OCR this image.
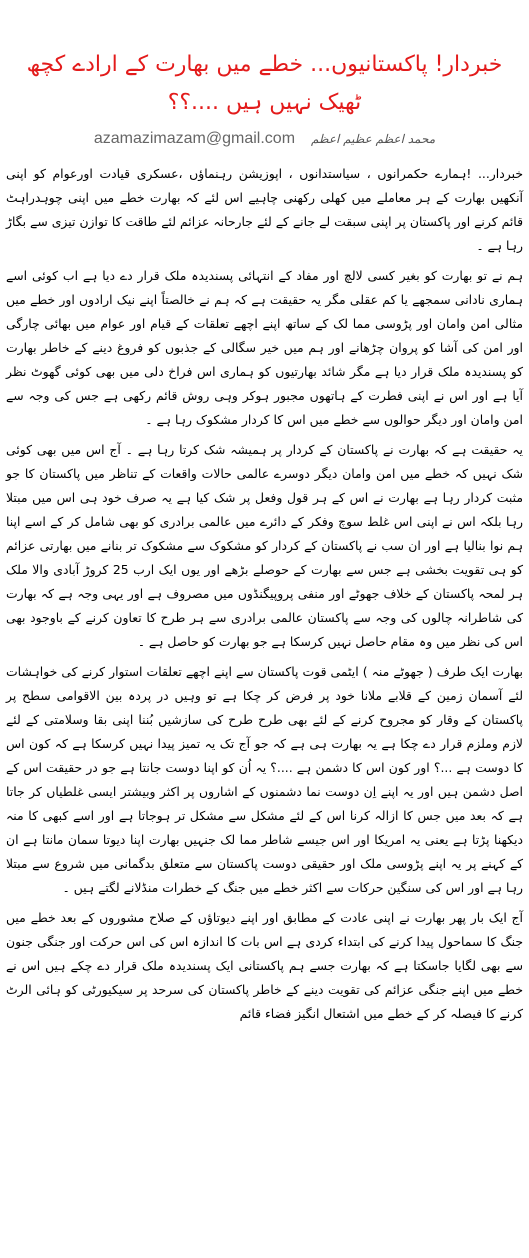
خبردار! پاکستانیوں... خطے میں بھارت کے ارادے کچھ ٹھیک نہیں ہیں ....؟؟
azamazimazam@gmail.com محمد اعظم عظیم اعظم

خبردار... !ہمارے حکمرانوں ، سیاستدانوں ، اپوزیشن رہنماؤں ،عسکری قیادت اورعوام کو اپنی آنکھیں بھارت کے ہر معاملے میں کھلی رکھنی چاہیے اس لئے کہ بھارت خطے میں اپنی چوہدراہٹ قائم کرنے اور پاکستان پر اپنی سبقت لے جانے کے لئے جارحانہ عزائم لئے طاقت کا توازن تیزی سے بگاڑ رہا ہے ۔

ہم نے تو بھارت کو بغیر کسی لالچ اور مفاد کے انتہائی پسندیدہ ملک قرار دے دیا ہے اب کوئی اسے ہماری نادانی سمجھے یا کم عقلی مگر یہ حقیقت ہے کہ ہم نے خالصتاً اپنے نیک ارادوں اور خطے میں مثالی امن وامان اور پڑوسی مما لک کے ساتھ اپنے اچھے تعلقات کے قیام اور عوام میں بھائی چارگی اور امن کی آشا کو پروان چڑھانے اور ہم میں خیر سگالی کے جذبوں کو فروغ دینے کے خاطر بھارت کو پسندیدہ ملک قرار دیا ہے مگر شائد بھارتیوں کو ہماری اس فراخ دلی میں بھی کوئی گھوٹ نظر آیا ہے اور اس نے اپنی فطرت کے ہاتھوں مجبور ہوکر وہی روش قائم رکھی ہے جس کی وجہ سے امن وامان اور دیگر حوالوں سے خطے میں اس کا کردار مشکوک رہا ہے ۔

یہ حقیقت ہے کہ بھارت نے پاکستان کے کردار پر ہمیشہ شک کرتا رہا ہے ۔ آج اس میں بھی کوئی شک نہیں کہ خطے میں امن وامان دیگر دوسرے عالمی حالات واقعات کے تناظر میں پاکستان کا جو مثبت کردار رہا ہے بھارت نے اس کے ہر قول وفعل پر شک کیا ہے یہ صرف خود ہی اس میں مبتلا رہا بلکہ اس نے اپنی اس غلط سوچ وفکر کے دائرے میں عالمی برادری کو بھی شامل کر کے اسے اپنا ہم نوا بنالیا ہے اور ان سب نے پاکستان کے کردار کو مشکوک سے مشکوک تر بنانے میں بھارتی عزائم کو ہی تقویت بخشی ہے جس سے بھارت کے حوصلے بڑھے اور یوں ایک ارب 25 کروڑ آبادی والا ملک ہر لمحہ پاکستان کے خلاف جھوٹے اور منفی پروپیگنڈوں میں مصروف ہے اور یہی وجہ ہے کہ بھارت کی شاطرانہ چالوں کی وجہ سے پاکستان عالمی برادری سے ہر طرح کا تعاون کرنے کے باوجود بھی اس کی نظر میں وہ مقام حاصل نہیں کرسکا ہے جو بھارت کو حاصل ہے ۔

بھارت ایک طرف ( جھوٹے منہ ) ایٹمی قوت پاکستان سے اپنے اچھے تعلقات استوار کرنے کی خواہشات لئے آسمان زمین کے قلابے ملانا خود پر فرض کر چکا ہے تو وہیں در پردہ بین الاقوامی سطح پر پاکستان کے وقار کو مجروح کرنے کے لئے بھی طرح طرح کی سازشیں بُننا اپنی بقا وسلامتی کے لئے لازم وملزم قرار دے چکا ہے یہ بھارت ہی ہے کہ جو آج تک یہ تمیز پیدا نہیں کرسکا ہے کہ کون اس کا دوست ہے ...؟ اور کون اس کا دشمن ہے ....؟ یہ اُن کو اپنا دوست جانتا ہے جو در حقیقت اس کے اصل دشمن ہیں اور یہ اپنے اِن دوست نما دشمنوں کے اشاروں پر اکثر وبیشتر ایسی غلطیاں کر جاتا ہے کہ بعد میں جس کا ازالہ کرنا اس کے لئے مشکل سے مشکل تر ہوجاتا ہے اور اسے کبھی کا منہ دیکھنا پڑتا ہے یعنی یہ امریکا اور اس جیسے شاطر مما لک جنہیں بھارت اپنا دیوتا سمان مانتا ہے ان کے کہنے پر یہ اپنے پڑوسی ملک اور حقیقی دوست پاکستان سے متعلق بدگمانی میں شروع سے مبتلا رہا ہے اور اس کی سنگین حرکات سے اکثر خطے میں جنگ کے خطرات منڈلانے لگتے ہیں ۔

آج ایک بار پھر بھارت نے اپنی عادت کے مطابق اور اپنے دیوتاؤں کے صلاح مشوروں کے بعد خطے میں جنگ کا سماحول پیدا کرنے کی ابتداء کردی ہے اس بات کا اندازہ اس کی اس حرکت اور جنگی جنون سے بھی لگایا جاسکتا ہے کہ بھارت جسے ہم پاکستانی ایک پسندیدہ ملک قرار دے چکے ہیں اس نے خطے میں اپنے جنگی عزائم کی تقویت دینے کے خاطر پاکستان کی سرحد پر سیکیورٹی کو ہائی الرٹ کرنے کا فیصلہ کر کے خطے میں اشتعال انگیز فضاء قائم
